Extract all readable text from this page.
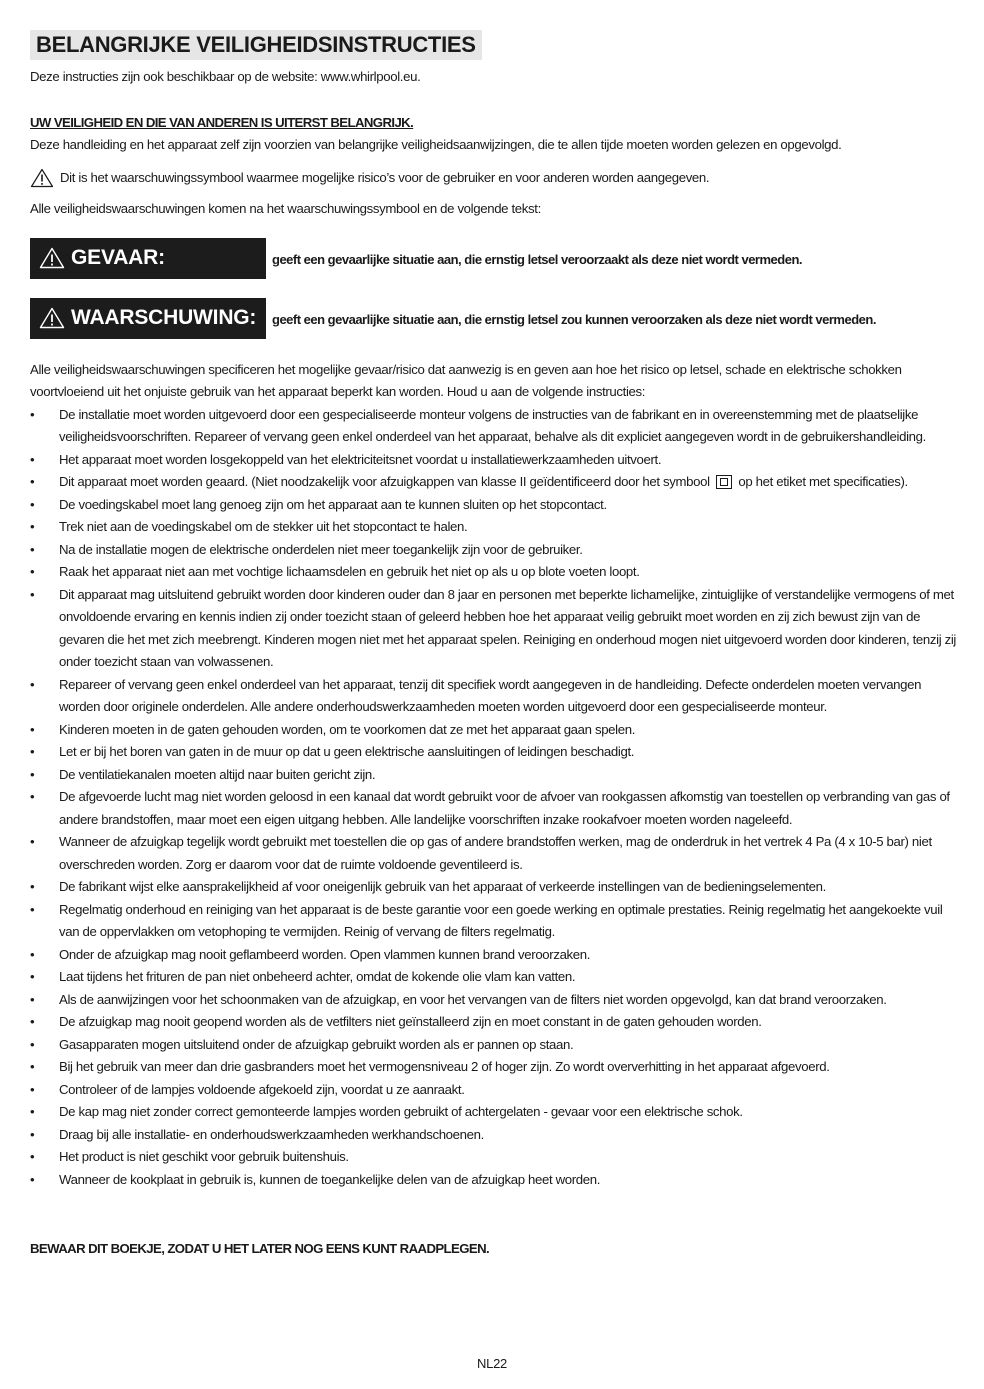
BELANGRIJKE VEILIGHEIDSINSTRUCTIES

Deze instructies zijn ook beschikbaar op de website: www.whirlpool.eu.

UW VEILIGHEID EN DIE VAN ANDEREN IS UITERST BELANGRIJK.

Deze handleiding en het apparaat zelf zijn voorzien van belangrijke veiligheidsaanwijzingen, die te allen tijde moeten worden gelezen en opgevolgd.

Dit is het waarschuwingssymbool waarmee mogelijke risico’s voor de gebruiker en voor anderen worden aangegeven.

Alle veiligheidswaarschuwingen komen na het waarschuwingssymbool en de volgende tekst:

GEVAAR:	geeft een gevaarlijke situatie aan, die ernstig letsel veroorzaakt als deze niet wordt vermeden.
WAARSCHUWING: geeft een gevaarlijke situatie aan, die ernstig letsel zou kunnen veroorzaken als deze niet wordt vermeden.

Alle veiligheidswaarschuwingen specificeren het mogelijke gevaar/risico dat aanwezig is en geven aan hoe het risico op letsel, schade en elektrische schokken voortvloeiend uit het onjuiste gebruik van het apparaat beperkt kan worden. Houd u aan de volgende instructies:

• De installatie moet worden uitgevoerd door een gespecialiseerde monteur volgens de instructies van de fabrikant en in overeenstemming met de plaatselijke veiligheidsvoorschriften. Repareer of vervang geen enkel onderdeel van het apparaat, behalve als dit expliciet aangegeven wordt in de gebruikershandleiding.
• Het apparaat moet worden losgekoppeld van het elektriciteitsnet voordat u installatiewerkzaamheden uitvoert.
• Dit apparaat moet worden geaard. (Niet noodzakelijk voor afzuigkappen van klasse II geïdentificeerd door het symbool op het etiket met specificaties).
• De voedingskabel moet lang genoeg zijn om het apparaat aan te kunnen sluiten op het stopcontact.
• Trek niet aan de voedingskabel om de stekker uit het stopcontact te halen.
• Na de installatie mogen de elektrische onderdelen niet meer toegankelijk zijn voor de gebruiker.
• Raak het apparaat niet aan met vochtige lichaamsdelen en gebruik het niet op als u op blote voeten loopt.
• Dit apparaat mag uitsluitend gebruikt worden door kinderen ouder dan 8 jaar en personen met beperkte lichamelijke, zintuiglijke of verstandelijke vermogens of met onvoldoende ervaring en kennis indien zij onder toezicht staan of geleerd hebben hoe het apparaat veilig gebruikt moet worden en zij zich bewust zijn van de gevaren die het met zich meebrengt. Kinderen mogen niet met het apparaat spelen. Reiniging en onderhoud mogen niet uitgevoerd worden door kinderen, tenzij zij onder toezicht staan van volwassenen.
• Repareer of vervang geen enkel onderdeel van het apparaat, tenzij dit specifiek wordt aangegeven in de handleiding. Defecte onderdelen moeten vervangen worden door originele onderdelen. Alle andere onderhoudswerkzaamheden moeten worden uitgevoerd door een gespecialiseerde monteur.
• Kinderen moeten in de gaten gehouden worden, om te voorkomen dat ze met het apparaat gaan spelen.
• Let er bij het boren van gaten in de muur op dat u geen elektrische aansluitingen of leidingen beschadigt.
• De ventilatiekanalen moeten altijd naar buiten gericht zijn.
• De afgevoerde lucht mag niet worden geloosd in een kanaal dat wordt gebruikt voor de afvoer van rookgassen afkomstig van toestellen op verbranding van gas of andere brandstoffen, maar moet een eigen uitgang hebben. Alle landelijke voorschriften inzake rookafvoer moeten worden nageleefd.
• Wanneer de afzuigkap tegelijk wordt gebruikt met toestellen die op gas of andere brandstoffen werken, mag de onderdruk in het vertrek 4 Pa (4 x 10-5 bar) niet overschreden worden. Zorg er daarom voor dat de ruimte voldoende geventileerd is.
• De fabrikant wijst elke aansprakelijkheid af voor oneigenlijk gebruik van het apparaat of verkeerde instellingen van de bedieningselementen.
• Regelmatig onderhoud en reiniging van het apparaat is de beste garantie voor een goede werking en optimale prestaties. Reinig regelmatig het aangekoekte vuil van de oppervlakken om vetophoping te vermijden. Reinig of vervang de filters regelmatig.
• Onder de afzuigkap mag nooit geflambeerd worden. Open vlammen kunnen brand veroorzaken.
• Laat tijdens het frituren de pan niet onbeheerd achter, omdat de kokende olie vlam kan vatten.
• Als de aanwijzingen voor het schoonmaken van de afzuigkap, en voor het vervangen van de filters niet worden opgevolgd, kan dat brand veroorzaken.
• De afzuigkap mag nooit geopend worden als de vetfilters niet geïnstalleerd zijn en moet constant in de gaten gehouden worden.
• Gasapparaten mogen uitsluitend onder de afzuigkap gebruikt worden als er pannen op staan.
• Bij het gebruik van meer dan drie gasbranders moet het vermogensniveau 2 of hoger zijn. Zo wordt oververhitting in het apparaat afgevoerd.
• Controleer of de lampjes voldoende afgekoeld zijn, voordat u ze aanraakt.
• De kap mag niet zonder correct gemonteerde lampjes worden gebruikt of achtergelaten - gevaar voor een elektrische schok.
• Draag bij alle installatie- en onderhoudswerkzaamheden werkhandschoenen.
• Het product is niet geschikt voor gebruik buitenshuis.
• Wanneer de kookplaat in gebruik is, kunnen de toegankelijke delen van de afzuigkap heet worden.

BEWAAR DIT BOEKJE, ZODAT U HET LATER NOG EENS KUNT RAADPLEGEN.

NL22
